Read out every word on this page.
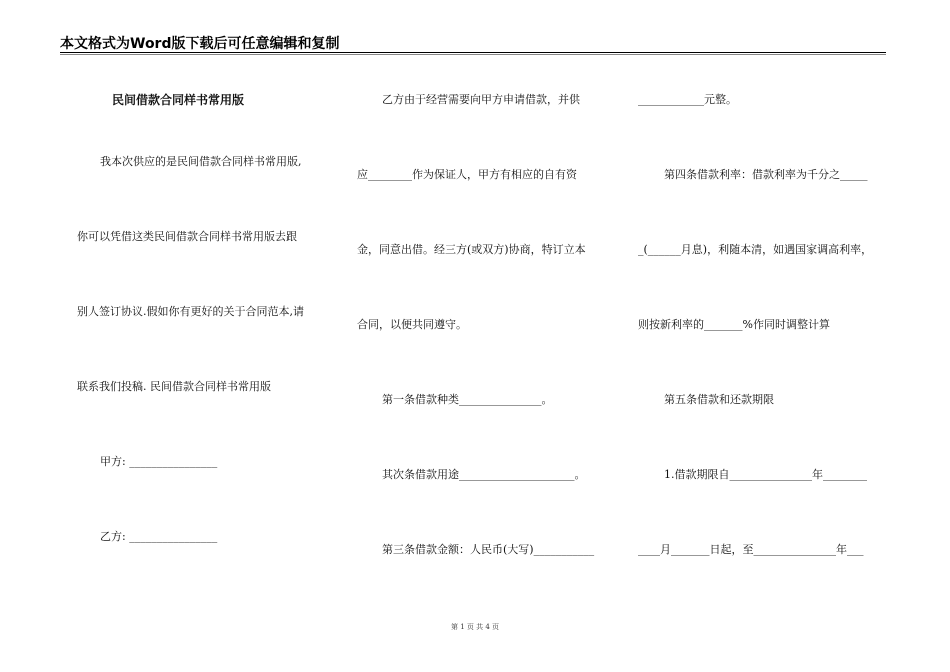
本文格式为Word版下载后可任意编辑和复制
民间借款合同样书常用版
我本次供应的是民间借款合同样书常用版,
你可以凭借这类民间借款合同样书常用版去跟
别人签订协议.假如你有更好的关于合同范本,请
联系我们投稿. 民间借款合同样书常用版
甲方: ________________
乙方: ________________
乙方由于经营需要向甲方申请借款，并供
应________作为保证人，甲方有相应的自有资
金，同意出借。经三方(或双方)协商，特订立本
合同，以便共同遵守。
第一条借款种类_______________。
其次条借款用途_____________________。
第三条借款金额：人民币(大写)___________
____________元整。
第四条借款利率：借款利率为千分之_____
_(______月息)，利随本清，如遇国家调高利率，
则按新利率的_______%作同时调整计算
第五条借款和还款期限
1.借款期限自_______________年________
____月_______日起，至_______________年___
第 1 页 共 4 页
